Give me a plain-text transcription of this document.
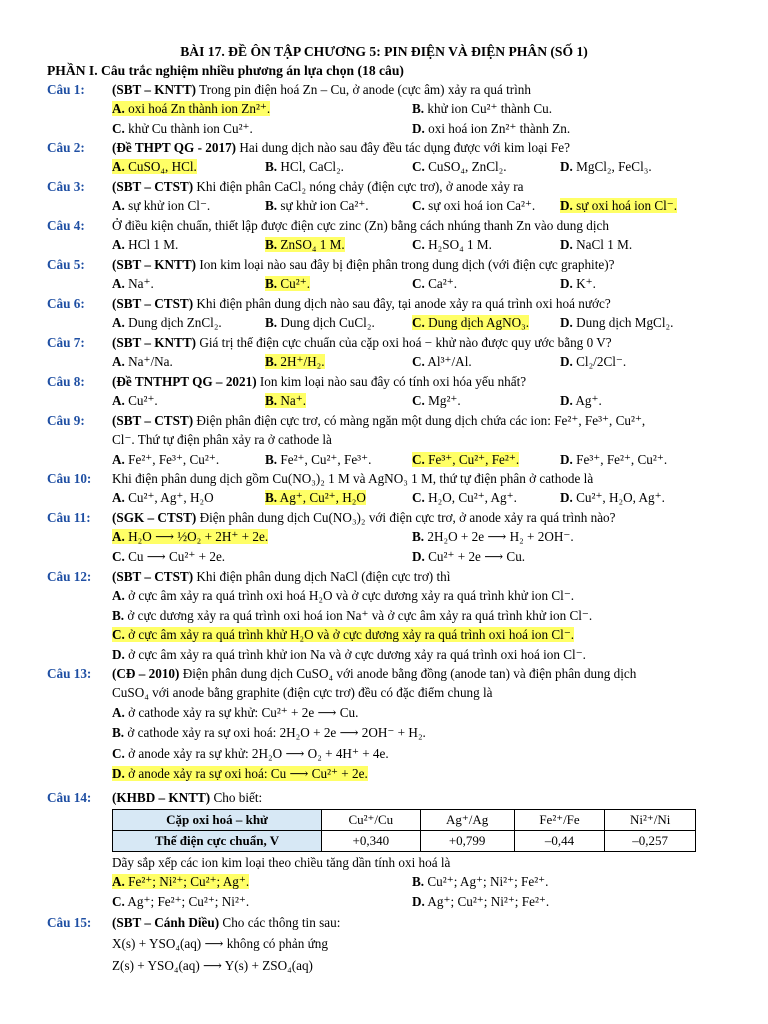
BÀI 17. ĐỀ ÔN TẬP CHƯƠNG 5: PIN ĐIỆN VÀ ĐIỆN PHÂN (SỐ 1)
PHẦN I. Câu trắc nghiệm nhiều phương án lựa chọn (18 câu)
Câu 1:	(SBT – KNTT) Trong pin điện hoá Zn – Cu, ở anode (cực âm) xảy ra quá trình
A. oxi hoá Zn thành ion Zn²⁺.	B. khử ion Cu²⁺ thành Cu.
C. khử Cu thành ion Cu²⁺.	D. oxi hoá ion Zn²⁺ thành Zn.
Câu 2:	(Đề THPT QG - 2017) Hai dung dịch nào sau đây đều tác dụng được với kim loại Fe?
A. CuSO₄, HCl.	B. HCl, CaCl₂.	C. CuSO₄, ZnCl₂.	D. MgCl₂, FeCl₃.
Câu 3:	(SBT – CTST) Khi điện phân CaCl₂ nóng chảy (điện cực trơ), ở anode xảy ra
A. sự khử ion Cl⁻.	B. sự khử ion Ca²⁺.	C. sự oxi hoá ion Ca²⁺. D. sự oxi hoá ion Cl⁻.
Câu 4:	Ở điều kiện chuẩn, thiết lập được điện cực zinc (Zn) bằng cách nhúng thanh Zn vào dung dịch
A. HCl 1 M.	B. ZnSO₄ 1 M.	C. H₂SO₄ 1 M.	D. NaCl 1 M.
Câu 5:	(SBT – KNTT) Ion kim loại nào sau đây bị điện phân trong dung dịch (với điện cực graphite)?
A. Na⁺.	B. Cu²⁺.	C. Ca²⁺.	D. K⁺.
Câu 6:	(SBT – CTST) Khi điện phân dung dịch nào sau đây, tại anode xảy ra quá trình oxi hoá nước?
A. Dung dịch ZnCl₂.	B. Dung dịch CuCl₂.	C. Dung dịch AgNO₃. D. Dung dịch MgCl₂.
Câu 7:	(SBT – KNTT) Giá trị thế điện cực chuẩn của cặp oxi hoá − khử nào được quy ước bằng 0 V?
A. Na⁺/Na.	B. 2H⁺/H₂.	C. Al³⁺/Al.	D. Cl₂/2Cl⁻.
Câu 8:	(Đề TNTHPT QG – 2021) Ion kim loại nào sau đây có tính oxi hóa yếu nhất?
A. Cu²⁺.	B. Na⁺.	C. Mg²⁺.	D. Ag⁺.
Câu 9:	(SBT – CTST) Điện phân điện cực trơ, có màng ngăn một dung dịch chứa các ion: Fe²⁺, Fe³⁺, Cu²⁺,
Cl⁻. Thứ tự điện phân xảy ra ở cathode là
A. Fe²⁺, Fe³⁺, Cu²⁺.	B. Fe²⁺, Cu²⁺, Fe³⁺.	C. Fe³⁺, Cu²⁺, Fe²⁺.	D. Fe³⁺, Fe²⁺, Cu²⁺.
Câu 10:	Khi điện phân dung dịch gồm Cu(NO₃)₂ 1 M và AgNO₃ 1 M, thứ tự điện phân ở cathode là
A. Cu²⁺, Ag⁺, H₂O	B. Ag⁺, Cu²⁺, H₂O	C. H₂O, Cu²⁺, Ag⁺.	D. Cu²⁺, H₂O, Ag⁺.
Câu 11:	(SGK – CTST) Điện phân dung dịch Cu(NO₃)₂ với điện cực trơ, ở anode xảy ra quá trình nào?
A. H₂O ⟶ ½O₂ + 2H⁺ + 2e.	B. 2H₂O + 2e ⟶ H₂ + 2OH⁻.
C. Cu ⟶ Cu²⁺ + 2e.	D. Cu²⁺ + 2e ⟶ Cu.
Câu 12:	(SBT – CTST) Khi điện phân dung dịch NaCl (điện cực trơ) thì
A. ở cực âm xảy ra quá trình oxi hoá H₂O và ở cực dương xảy ra quá trình khử ion Cl⁻.
B. ở cực dương xảy ra quá trình oxi hoá ion Na⁺ và ở cực âm xảy ra quá trình khử ion Cl⁻.
C. ở cực âm xảy ra quá trình khử H₂O và ở cực dương xảy ra quá trình oxi hoá ion Cl⁻.
D. ở cực âm xảy ra quá trình khử ion Na và ở cực dương xảy ra quá trình oxi hoá ion Cl⁻.
Câu 13:	(CĐ – 2010) Điện phân dung dịch CuSO₄ với anode bằng đồng (anode tan) và điện phân dung dịch
CuSO₄ với anode bằng graphite (điện cực trơ) đều có đặc điểm chung là
A. ở cathode xảy ra sự khử: Cu²⁺ + 2e ⟶ Cu.
B. ở cathode xảy ra sự oxi hoá: 2H₂O + 2e ⟶ 2OH⁻ + H₂.
C. ở anode xảy ra sự khử: 2H₂O ⟶ O₂ + 4H⁺ + 4e.
D. ở anode xảy ra sự oxi hoá: Cu ⟶ Cu²⁺ + 2e.
Câu 14:	(KHBD – KNTT) Cho biết:
Cặp oxi hoá – khử	Cu²⁺/Cu	Ag⁺/Ag	Fe²⁺/Fe	Ni²⁺/Ni
Thế điện cực chuẩn, V	+0,340	+0,799	–0,44	–0,257
Dãy sắp xếp các ion kim loại theo chiều tăng dần tính oxi hoá là
A. Fe²⁺; Ni²⁺; Cu²⁺; Ag⁺.	B. Cu²⁺; Ag⁺; Ni²⁺; Fe²⁺.
C. Ag⁺; Fe²⁺; Cu²⁺; Ni²⁺.	D. Ag⁺; Cu²⁺; Ni²⁺; Fe²⁺.
Câu 15:	(SBT – Cánh Diều) Cho các thông tin sau:
X(s) + YSO₄(aq) ⟶ không có phản ứng
Z(s) + YSO₄(aq) ⟶ Y(s) + ZSO₄(aq)
